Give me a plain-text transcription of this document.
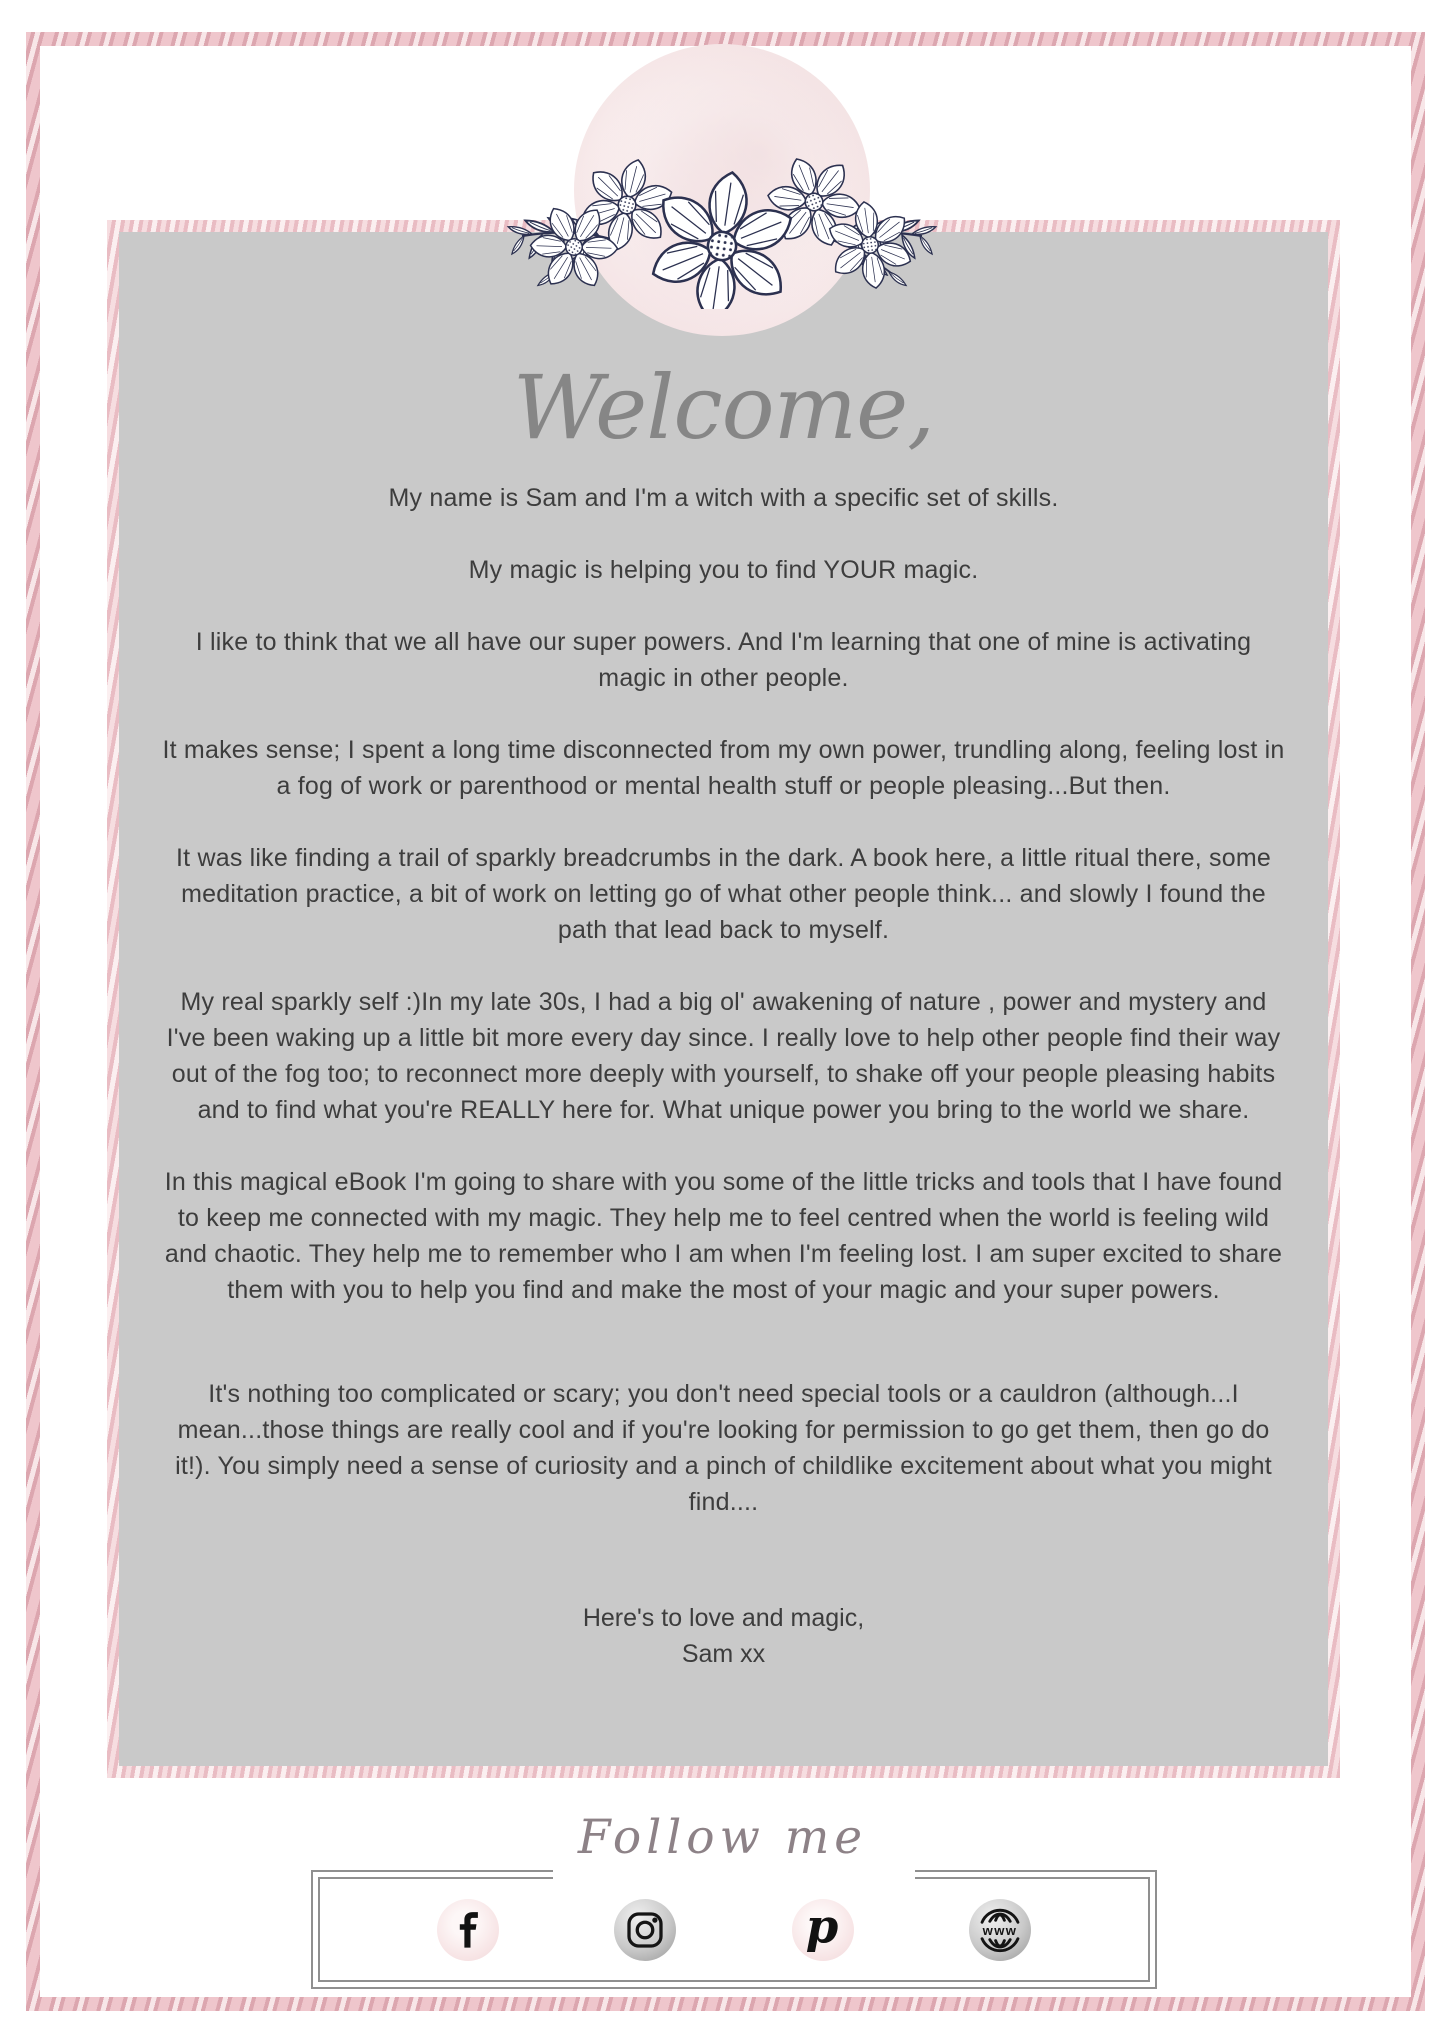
Welcome,

My name is Sam and I'm a witch with a specific set of skills.

My magic is helping you to find YOUR magic.

I like to think that we all have our super powers. And I'm learning that one of mine is activating magic in other people.

It makes sense; I spent a long time disconnected from my own power, trundling along, feeling lost in a fog of work or parenthood or mental health stuff or people pleasing...But then.

It was like finding a trail of sparkly breadcrumbs in the dark. A book here, a little ritual there, some meditation practice, a bit of work on letting go of what other people think... and slowly I found the path that lead back to myself.

My real sparkly self :)In my late 30s, I had a big ol' awakening of nature , power and mystery and I've been waking up a little bit more every day since. I really love to help other people find their way out of the fog too; to reconnect more deeply with yourself, to shake off your people pleasing habits and to find what you're REALLY here for. What unique power you bring to the world we share.

In this magical eBook I'm going to share with you some of the little tricks and tools that I have found to keep me connected with my magic. They help me to feel centred when the world is feeling wild and chaotic. They help me to remember who I am when I'm feeling lost. I am super excited to share them with you to help you find and make the most of your magic and your super powers.

It's nothing too complicated or scary; you don't need special tools or a cauldron (although...I mean...those things are really cool and if you're looking for permission to go get them, then go do it!). You simply need a sense of curiosity and a pinch of childlike excitement about what you might find....

Here's to love and magic,
Sam xx

Follow me
p	www
